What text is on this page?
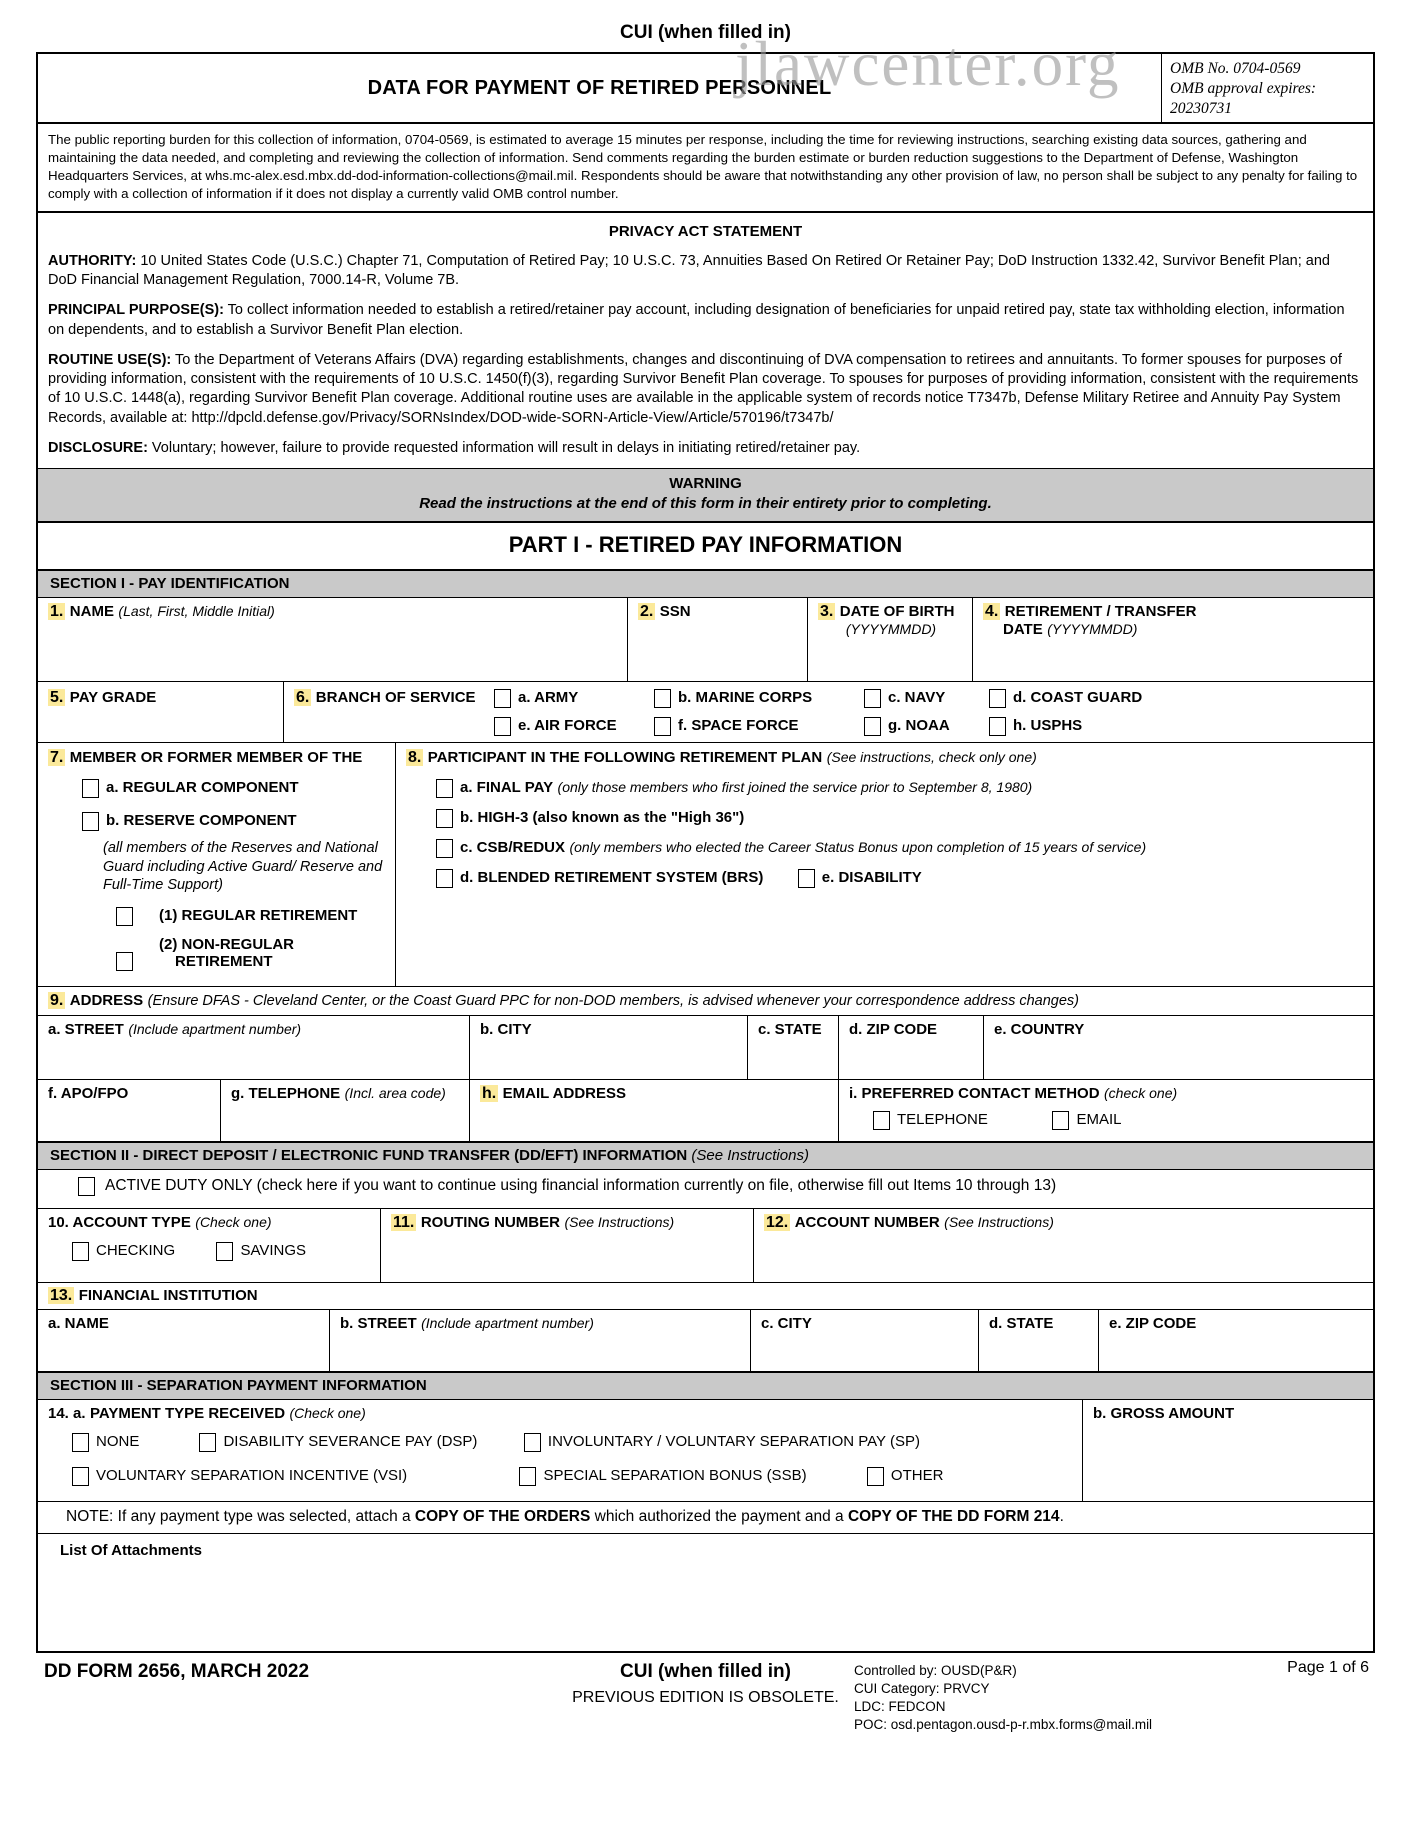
jlawcenter.org
CUI (when filled in)
DATA FOR PAYMENT OF RETIRED PERSONNEL
OMB No. 0704-0569
OMB approval expires:
20230731
The public reporting burden for this collection of information, 0704-0569, is estimated to average 15 minutes per response, including the time for reviewing instructions, searching existing data sources, gathering and maintaining the data needed, and completing and reviewing the collection of information. Send comments regarding the burden estimate or burden reduction suggestions to the Department of Defense, Washington Headquarters Services, at whs.mc-alex.esd.mbx.dd-dod-information-collections@mail.mil. Respondents should be aware that notwithstanding any other provision of law, no person shall be subject to any penalty for failing to comply with a collection of information if it does not display a currently valid OMB control number.
PRIVACY ACT STATEMENT

AUTHORITY: 10 United States Code (U.S.C.) Chapter 71, Computation of Retired Pay; 10 U.S.C. 73, Annuities Based On Retired Or Retainer Pay; DoD Instruction 1332.42, Survivor Benefit Plan; and DoD Financial Management Regulation, 7000.14-R, Volume 7B.

PRINCIPAL PURPOSE(S): To collect information needed to establish a retired/retainer pay account, including designation of beneficiaries for unpaid retired pay, state tax withholding election, information on dependents, and to establish a Survivor Benefit Plan election.

ROUTINE USE(S): To the Department of Veterans Affairs (DVA) regarding establishments, changes and discontinuing of DVA compensation to retirees and annuitants. To former spouses for purposes of providing information, consistent with the requirements of 10 U.S.C. 1450(f)(3), regarding Survivor Benefit Plan coverage. To spouses for purposes of providing information, consistent with the requirements of 10 U.S.C. 1448(a), regarding Survivor Benefit Plan coverage. Additional routine uses are available in the applicable system of records notice T7347b, Defense Military Retiree and Annuity Pay System Records, available at: http://dpcld.defense.gov/Privacy/SORNsIndex/DOD-wide-SORN-Article-View/Article/570196/t7347b/

DISCLOSURE: Voluntary; however, failure to provide requested information will result in delays in initiating retired/retainer pay.

WARNING
Read the instructions at the end of this form in their entirety prior to completing.
PART I - RETIRED PAY INFORMATION
SECTION I - PAY IDENTIFICATION
1. NAME (Last, First, Middle Initial)	2. SSN	3. DATE OF BIRTH
(YYYYMMDD)
4. RETIREMENT / TRANSFER
DATE (YYYYMMDD)
5. PAY GRADE	6. BRANCH OF SERVICE	a. ARMY	b. MARINE CORPS	c. NAVY	d. COAST GUARD
e. AIR FORCE	f. SPACE FORCE	g. NOAA	h. USPHS
7. MEMBER OR FORMER MEMBER OF THE
a. REGULAR COMPONENT

b. RESERVE COMPONENT
(all members of the Reserves and National Guard including Active Guard/ Reserve and Full-Time Support)
(1) REGULAR RETIREMENT

(2) NON-REGULAR
RETIREMENT
8. PARTICIPANT IN THE FOLLOWING RETIREMENT PLAN (See instructions, check only one)
a. FINAL PAY (only those members who first joined the service prior to September 8, 1980)

b. HIGH-3 (also known as the "High 36")

c. CSB/REDUX (only members who elected the Career Status Bonus upon completion of 15 years of service)

d. BLENDED RETIREMENT SYSTEM (BRS)
	e. DISABILITY
9. ADDRESS (Ensure DFAS - Cleveland Center, or the Coast Guard PPC for non-DOD members, is advised whenever your correspondence address changes)
a. STREET (Include apartment number)	b. CITY	c. STATE	d. ZIP CODE	e. COUNTRY
f. APO/FPO	g. TELEPHONE (Incl. area code)	h. EMAIL ADDRESS	i. PREFERRED CONTACT METHOD (check one)
TELEPHONE
	EMAIL
SECTION II - DIRECT DEPOSIT / ELECTRONIC FUND TRANSFER (DD/EFT) INFORMATION (See Instructions)
ACTIVE DUTY ONLY (check here if you want to continue using financial information currently on file, otherwise fill out Items 10 through 13)
10. ACCOUNT TYPE (Check one)
CHECKING
	SAVINGS
11. ROUTING NUMBER (See Instructions)	12. ACCOUNT NUMBER (See Instructions)
13. FINANCIAL INSTITUTION
a. NAME	b. STREET (Include apartment number)	c. CITY	d. STATE	e. ZIP CODE
SECTION III - SEPARATION PAYMENT INFORMATION
14. a. PAYMENT TYPE RECEIVED (Check one)
NONE
	DISABILITY SEVERANCE PAY (DSP)
	INVOLUNTARY / VOLUNTARY SEPARATION PAY (SP)
VOLUNTARY SEPARATION INCENTIVE (VSI)
	SPECIAL SEPARATION BONUS (SSB)
	OTHER
b. GROSS AMOUNT
NOTE: If any payment type was selected, attach a COPY OF THE ORDERS which authorized the payment and a COPY OF THE DD FORM 214.
List Of Attachments
DD FORM 2656, MARCH 2022	CUI (when filled in)
PREVIOUS EDITION IS OBSOLETE.
Controlled by: OUSD(P&R)
CUI Category: PRVCY
LDC: FEDCON
POC: osd.pentagon.ousd-p-r.mbx.forms@mail.mil
Page 1 of 6
